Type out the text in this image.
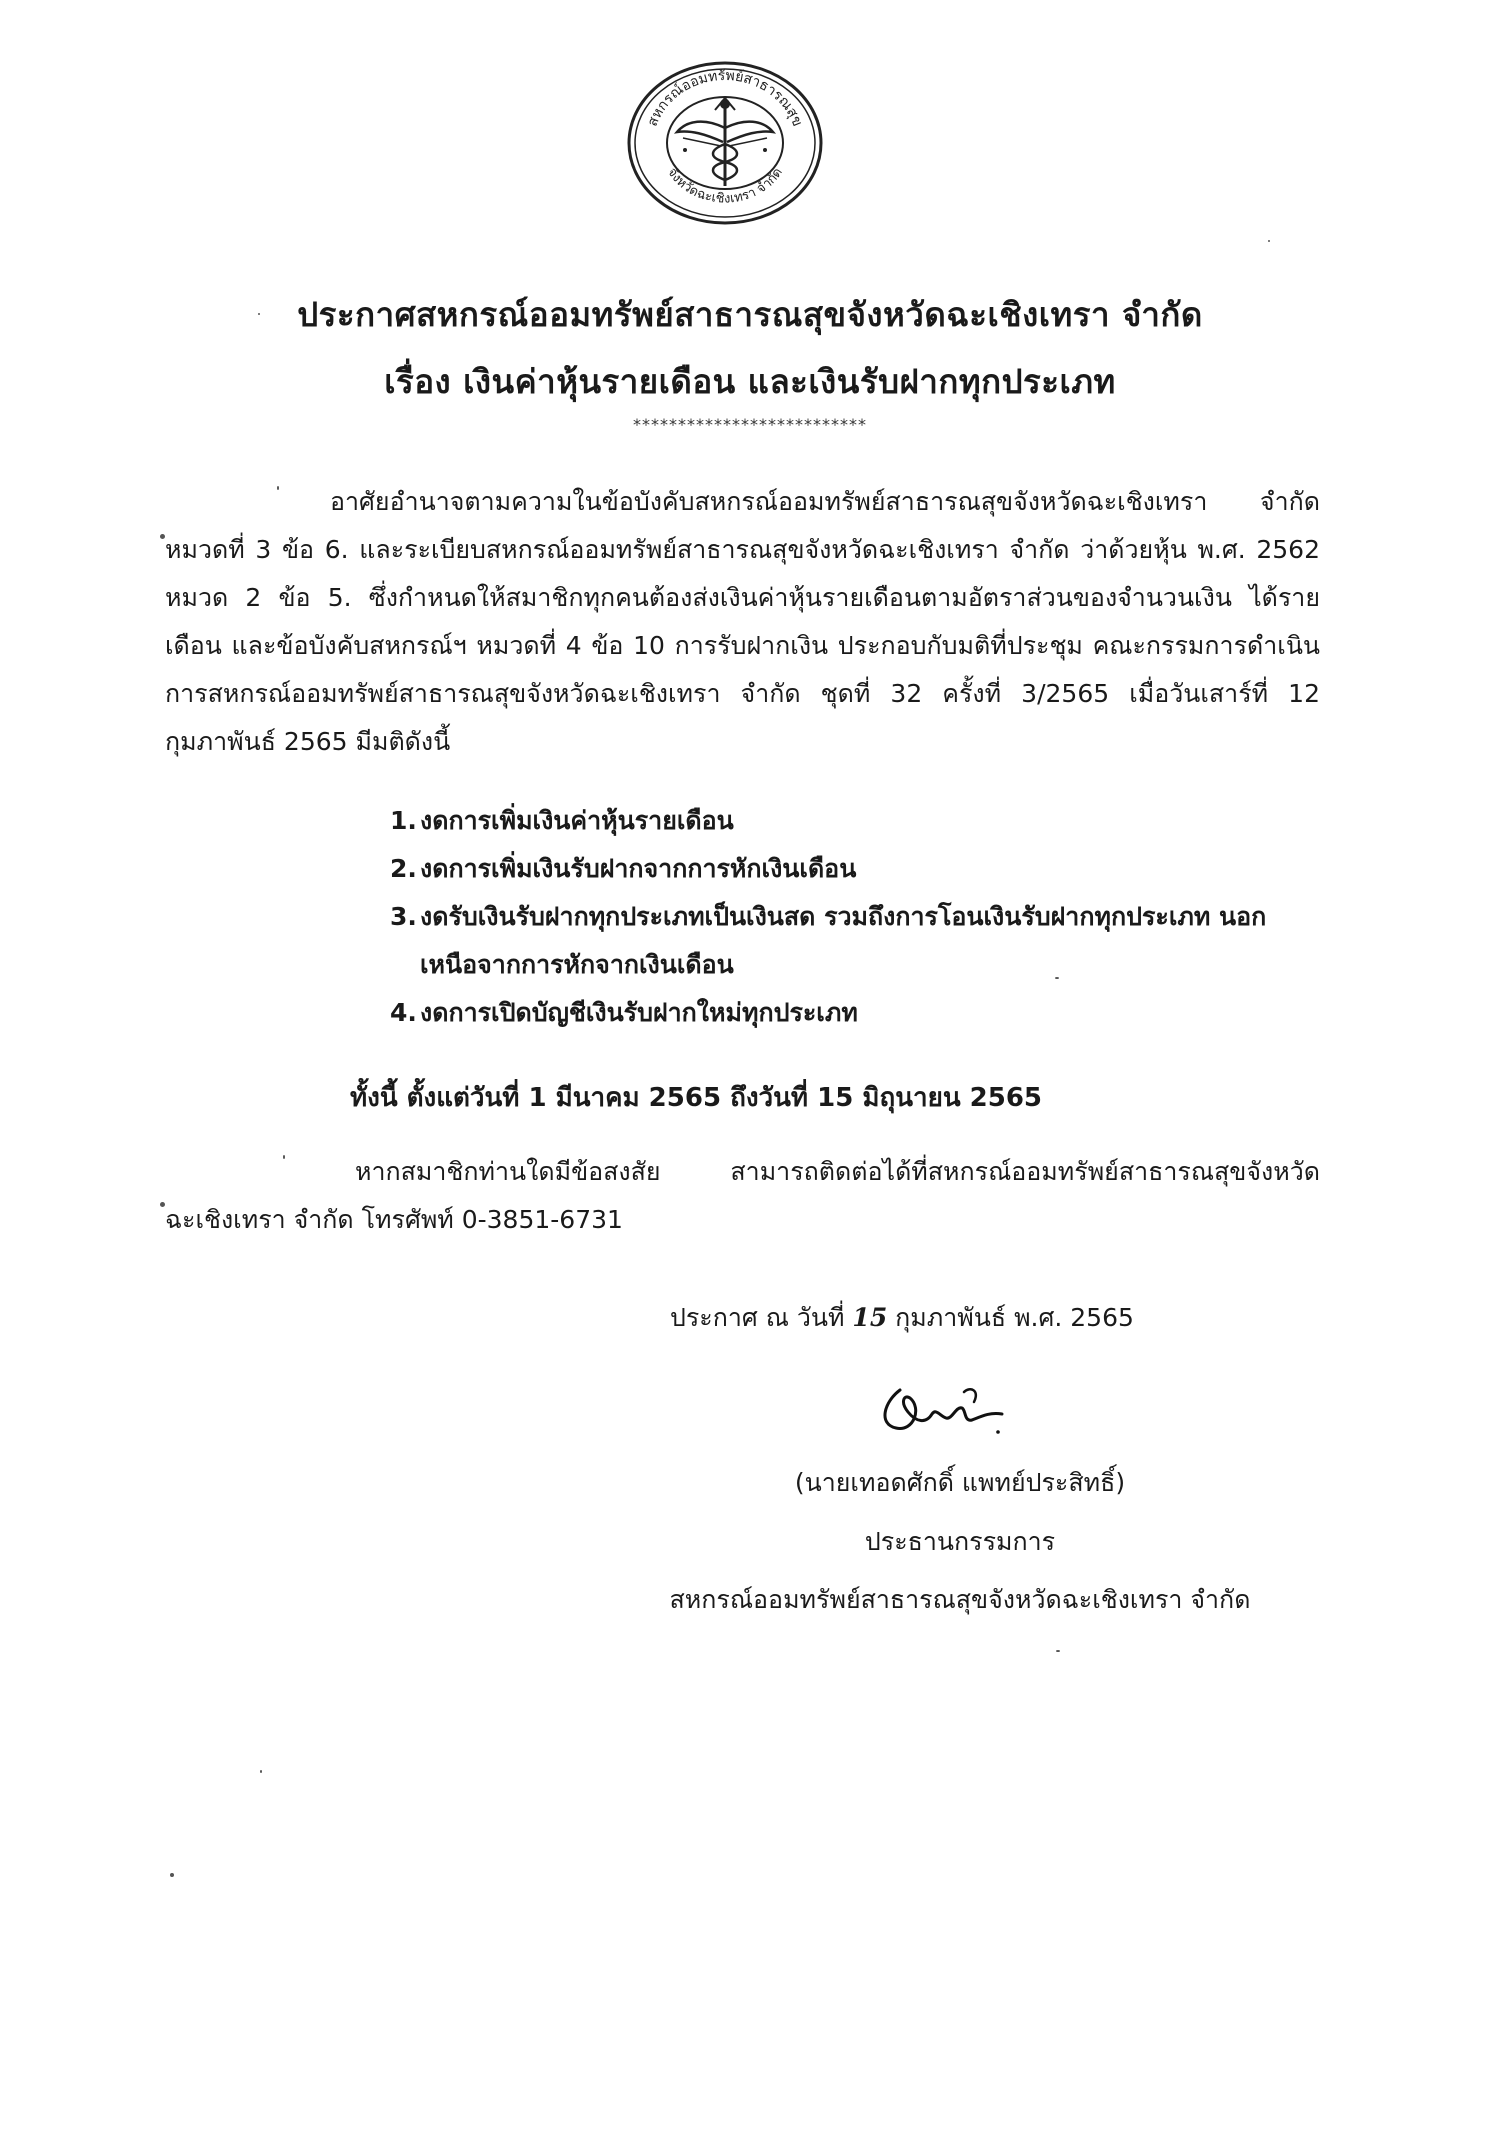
สหกรณ์ออมทรัพย์สาธารณสุข
จังหวัดฉะเชิงเทรา จำกัด
ประกาศสหกรณ์ออมทรัพย์สาธารณสุขจังหวัดฉะเชิงเทรา จำกัด
เรื่อง เงินค่าหุ้นรายเดือน และเงินรับฝากทุกประเภท
**************************
อาศัยอำนาจตามความในข้อบังคับสหกรณ์ออมทรัพย์สาธารณสุขจังหวัดฉะเชิงเทรา จำกัด หมวดที่ 3 ข้อ 6. และระเบียบสหกรณ์ออมทรัพย์สาธารณสุขจังหวัดฉะเชิงเทรา จำกัด ว่าด้วยหุ้น พ.ศ. 2562 หมวด 2 ข้อ 5. ซึ่งกำหนดให้สมาชิกทุกคนต้องส่งเงินค่าหุ้นรายเดือนตามอัตราส่วนของจำนวนเงิน ได้รายเดือน และข้อบังคับสหกรณ์ฯ หมวดที่ 4 ข้อ 10 การรับฝากเงิน ประกอบกับมติที่ประชุม คณะกรรมการดำเนินการสหกรณ์ออมทรัพย์สาธารณสุขจังหวัดฉะเชิงเทรา จำกัด ชุดที่ 32 ครั้งที่ 3/2565 เมื่อวันเสาร์ที่ 12 กุมภาพันธ์ 2565 มีมติดังนี้
1. งดการเพิ่มเงินค่าหุ้นรายเดือน
2. งดการเพิ่มเงินรับฝากจากการหักเงินเดือน
3. งดรับเงินรับฝากทุกประเภทเป็นเงินสด รวมถึงการโอนเงินรับฝากทุกประเภท นอกเหนือจากการหักจากเงินเดือน
4. งดการเปิดบัญชีเงินรับฝากใหม่ทุกประเภท
ทั้งนี้ ตั้งแต่วันที่ 1 มีนาคม 2565 ถึงวันที่ 15 มิถุนายน 2565
หากสมาชิกท่านใดมีข้อสงสัย สามารถติดต่อได้ที่สหกรณ์ออมทรัพย์สาธารณสุขจังหวัด ฉะเชิงเทรา จำกัด โทรศัพท์ 0-3851-6731
ประกาศ ณ วันที่ 15 กุมภาพันธ์ พ.ศ. 2565
(นายเทอดศักดิ์ แพทย์ประสิทธิ์)
ประธานกรรมการ
สหกรณ์ออมทรัพย์สาธารณสุขจังหวัดฉะเชิงเทรา จำกัด
